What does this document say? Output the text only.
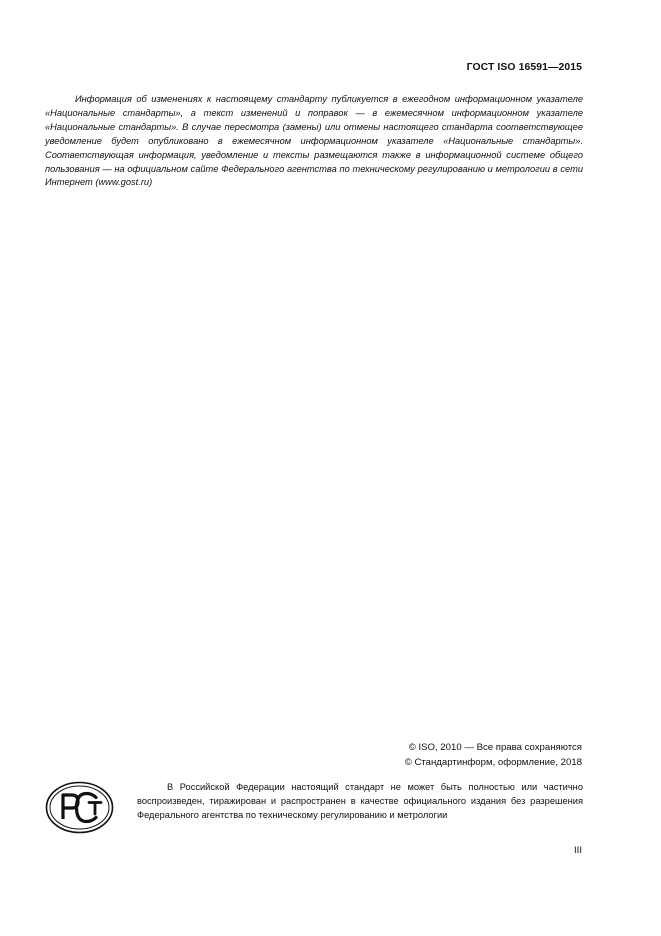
ГОСТ ISO 16591—2015

Информация об изменениях к настоящему стандарту публикуется в ежегодном информационном указателе «Национальные стандарты», а текст изменений и поправок — в ежемесячном информационном указателе «Национальные стандарты». В случае пересмотра (замены) или отмены настоящего стандарта соответствующее уведомление будет опубликовано в ежемесячном информационном указателе «Национальные стандарты». Соответствующая информация, уведомление и тексты размещаются также в информационной системе общего пользования — на официальном сайте Федерального агентства по техническому регулированию и метрологии в сети Интернет (www.gost.ru)

© ISO, 2010 — Все права сохраняются
© Стандартинформ, оформление, 2018

В Российской Федерации настоящий стандарт не может быть полностью или частично воспроизведен, тиражирован и распространен в качестве официального издания без разрешения Федерального агентства по техническому регулированию и метрологии

III
